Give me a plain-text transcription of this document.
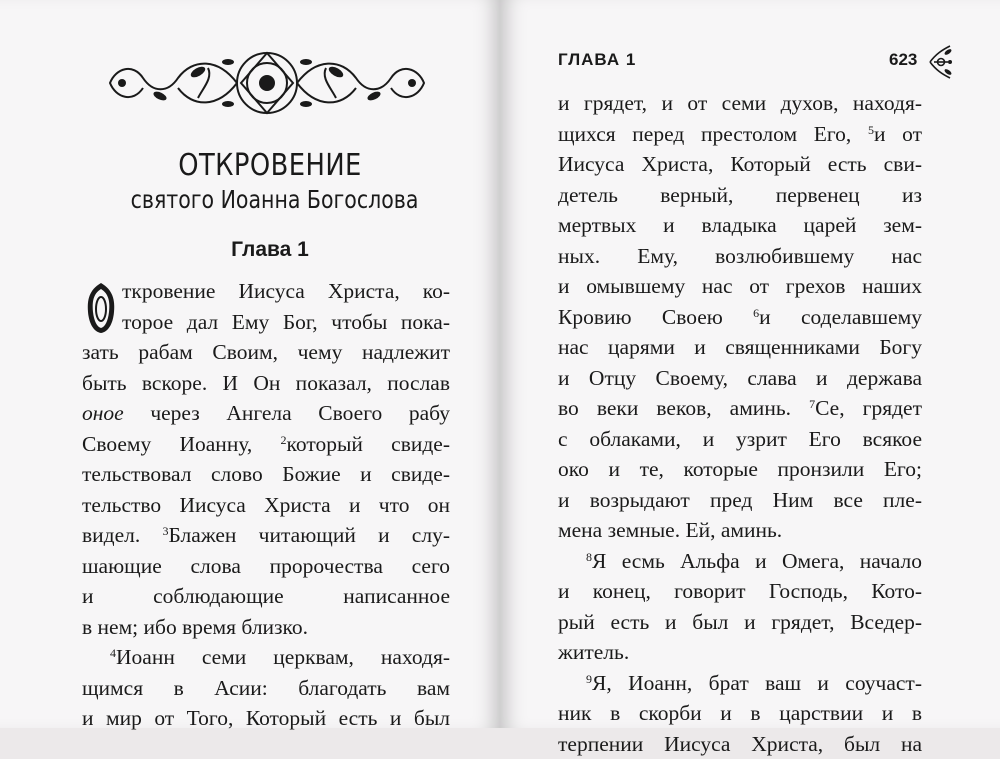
ОТКРОВЕНИЕ
святого Иоанна Богослова
Глава 1
ткровение Иисуса Христа, ко-
торое дал Ему Бог, чтобы пока-
зать рабам Своим, чему надлежит
быть вскоре. И Он показал, послав
оное через Ангела Своего рабу
Своему Иоанну, $^2$который свиде-
тельствовал слово Божие и свиде-
тельство Иисуса Христа и что он
видел. $^3$Блажен читающий и слу-
шающие слова пророчества сего
и соблюдающие написанное
в нем; ибо время близко.
$^4$Иоанн семи церквам, находя-
щимся в Асии: благодать вам
и мир от Того, Который есть и был
ГЛАВА 1	623
и грядет, и от семи духов, находя-
щихся перед престолом Его, $^5$и от
Иисуса Христа, Который есть сви-
детель верный, первенец из
мертвых и владыка царей зем-
ных. Ему, возлюбившему нас
и омывшему нас от грехов наших
Кровию Своею $^6$и соделавшему
нас царями и священниками Богу
и Отцу Своему, слава и держава
во веки веков, аминь. $^7$Се, грядет
с облаками, и узрит Его всякое
око и те, которые пронзили Его;
и возрыдают пред Ним все пле-
мена земные. Ей, аминь.
$^8$Я есмь Альфа и Омега, начало
и конец, говорит Господь, Кото-
рый есть и был и грядет, Вседер-
житель.
$^9$Я, Иоанн, брат ваш и соучаст-
ник в скорби и в царствии и в
терпении Иисуса Христа, был на
